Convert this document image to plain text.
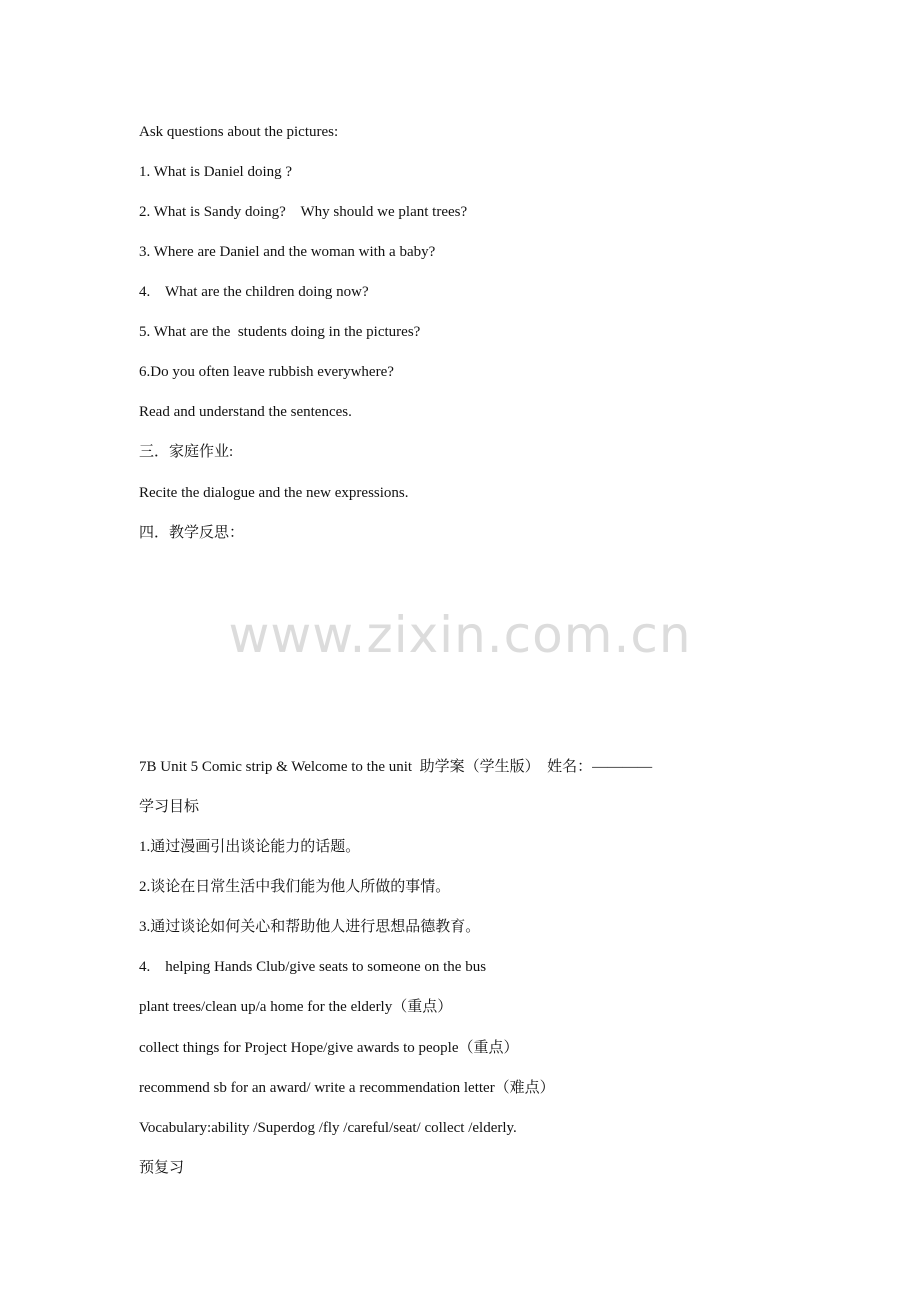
Ask questions about the pictures:
1. What is Daniel doing ?
2. What is Sandy doing?    Why should we plant trees?
3. Where are Daniel and the woman with a baby?
4.    What are the children doing now?
5. What are the  students doing in the pictures?
6.Do you often leave rubbish everywhere?
Read and understand the sentences.
三．家庭作业:
Recite the dialogue and the new expressions.
四．教学反思：
www.zixin.com.cn
7B Unit 5 Comic strip & Welcome to the unit  助学案（学生版）  姓名：————
学习目标
1.通过漫画引出谈论能力的话题。
2.谈论在日常生活中我们能为他人所做的事情。
3.通过谈论如何关心和帮助他人进行思想品德教育。
4.    helping Hands Club/give seats to someone on the bus
plant trees/clean up/a home for the elderly（重点）
collect things for Project Hope/give awards to people（重点）
recommend sb for an award/ write a recommendation letter（难点）
Vocabulary:ability /Superdog /fly /careful/seat/ collect /elderly.
预复习
